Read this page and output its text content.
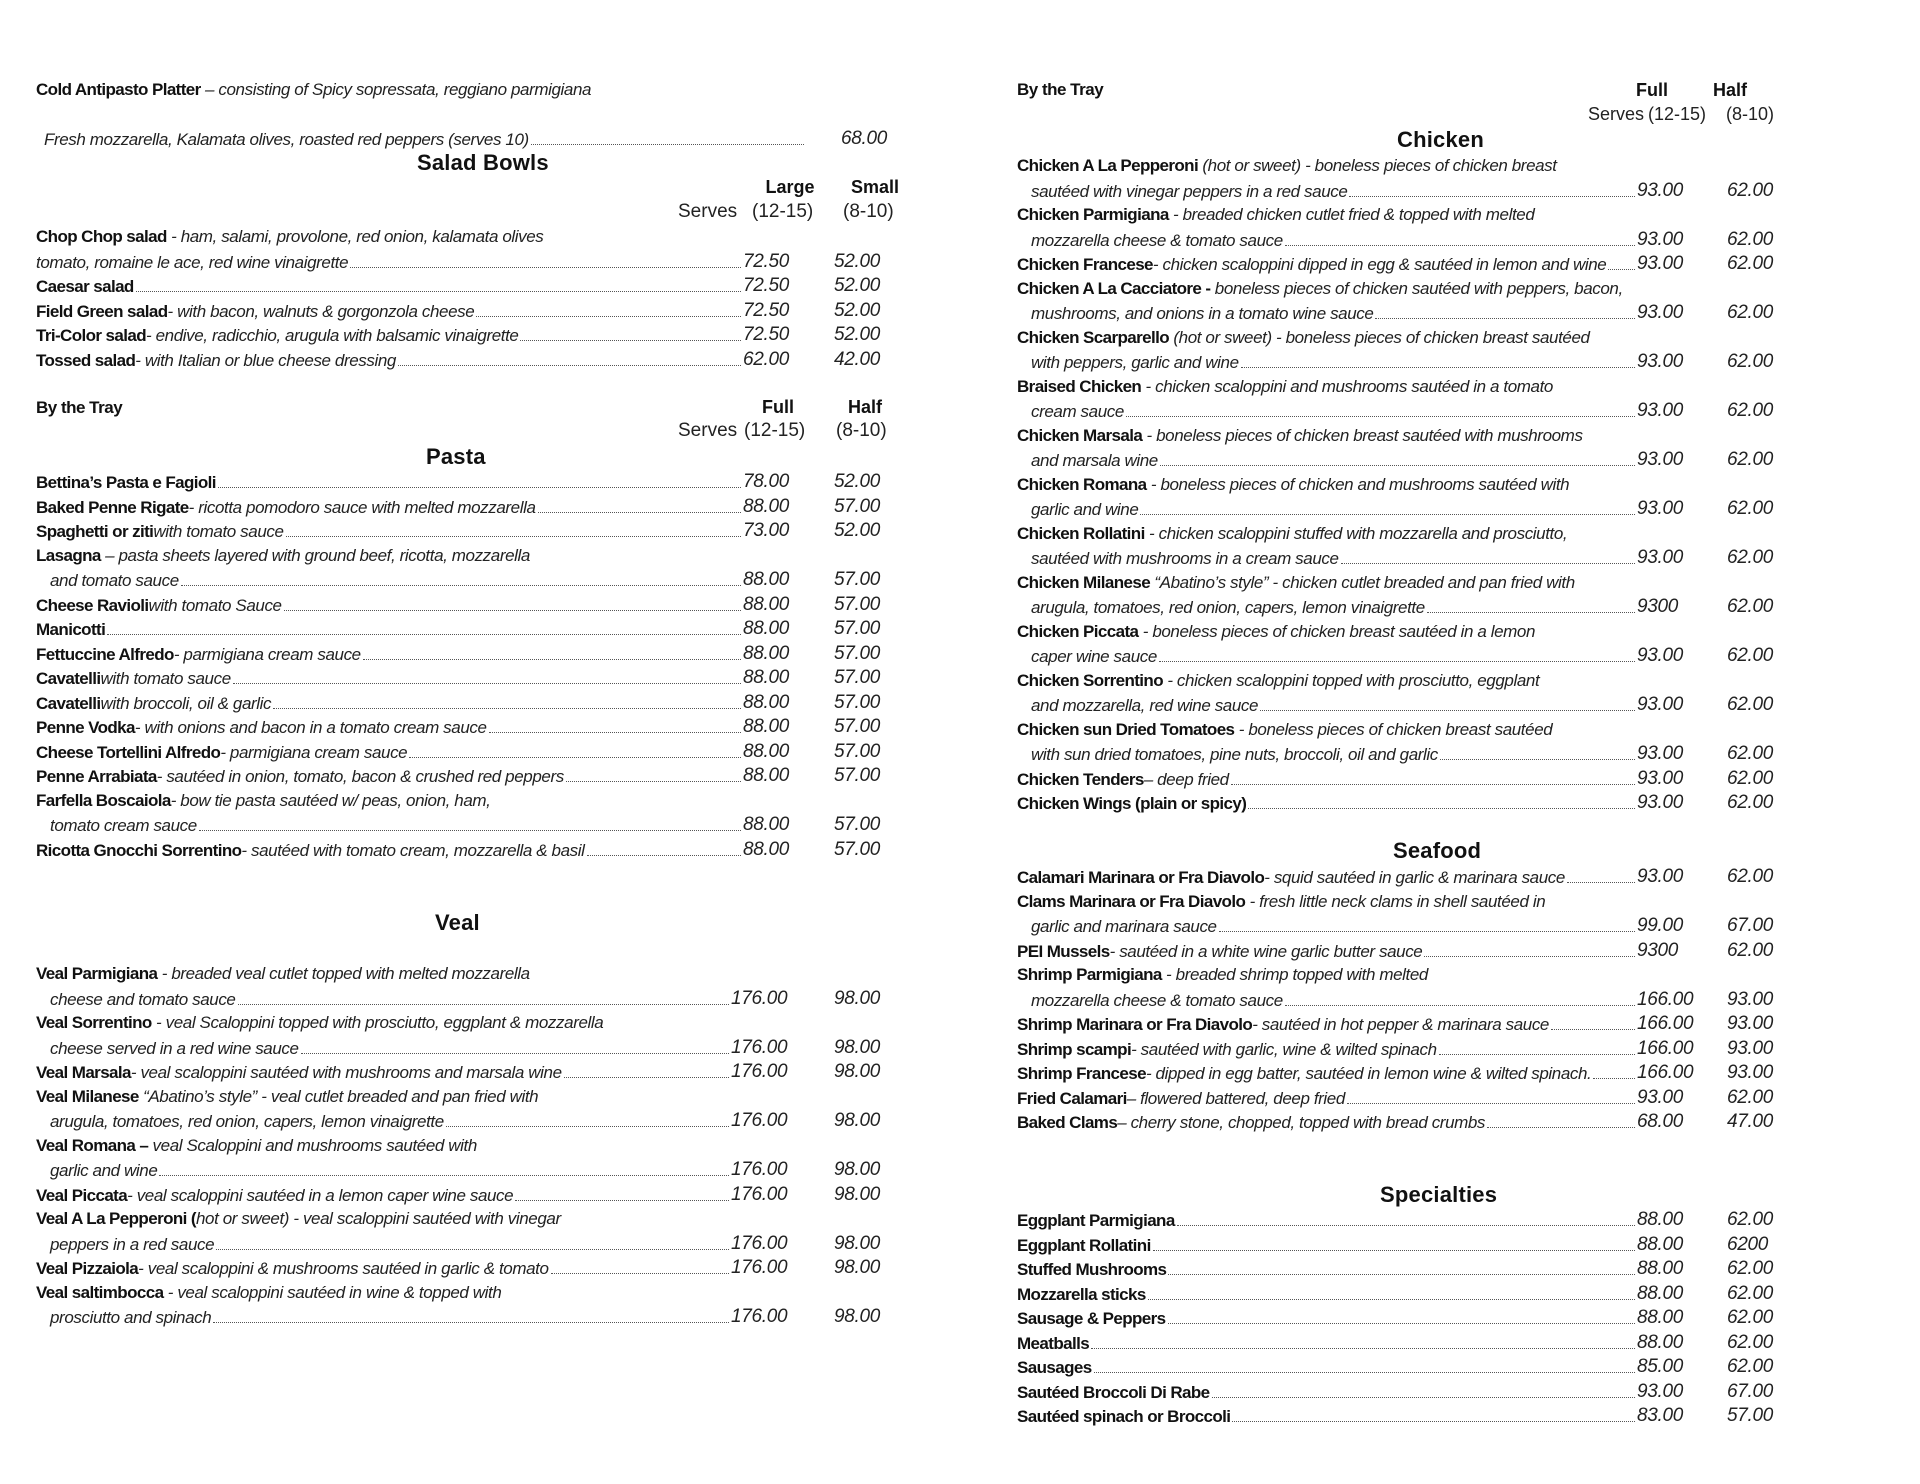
Cold Antipasto Platter – consisting of Spicy sopressata, reggiano parmigiana
Fresh mozzarella, Kalamata olives, roasted red peppers (serves 10)	68.00
Salad Bowls
Large	Small
Serves (12-15) (8-10)
Chop Chop salad - ham, salami, provolone, red onion, kalamata olives
tomato, romaine le ace, red wine vinaigrette	72.50	52.00
Caesar salad	72.50 52.00
Field Green salad - with bacon, walnuts & gorgonzola cheese	72.50 52.00
Tri-Color salad - endive, radicchio, arugula with balsamic vinaigrette	72.50 52.00
Tossed salad - with Italian or blue cheese dressing	62.00 42.00
By the Tray	Full	Half
Serves (12-15) (8-10)
Pasta
Bettina’s Pasta e Fagioli	78.00 52.00
Baked Penne Rigate - ricotta pomodoro sauce with melted mozzarella	88.00 57.00
Spaghetti or ziti with tomato sauce	73.00 52.00
Lasagna – pasta sheets layered with ground beef, ricotta, mozzarella
and tomato sauce	88.00 57.00
Cheese Ravioli with tomato Sauce	88.00 57.00
Manicotti	88.00 57.00
Fettuccine Alfredo - parmigiana cream sauce	88.00 57.00
Cavatelli with tomato sauce	88.00 57.00
Cavatelli with broccoli, oil & garlic	88.00 57.00
Penne Vodka - with onions and bacon in a tomato cream sauce	88.00 57.00
Cheese Tortellini Alfredo - parmigiana cream sauce	88.00 57.00
Penne Arrabiata - sautéed in onion, tomato, bacon & crushed red peppers	88.00 57.00
Farfella Boscaiola- bow tie pasta sautéed w/ peas, onion, ham,
tomato cream sauce	88.00 57.00
Ricotta Gnocchi Sorrentino - sautéed with tomato cream, mozzarella & basil	88.00 57.00
Veal
Veal Parmigiana - breaded veal cutlet topped with melted mozzarella
cheese and tomato sauce	176.00 98.00
Veal Sorrentino - veal Scaloppini topped with prosciutto, eggplant & mozzarella
cheese served in a red wine sauce	176.00 98.00
Veal Marsala - veal scaloppini sautéed with mushrooms and marsala wine	176.00 98.00
Veal Milanese “Abatino’s style” - veal cutlet breaded and pan fried with
arugula, tomatoes, red onion, capers, lemon vinaigrette	176.00 98.00
Veal Romana – veal Scaloppini and mushrooms sautéed with
garlic and wine	176.00 98.00
Veal Piccata - veal scaloppini sautéed in a lemon caper wine sauce	176.00 98.00
Veal A La Pepperoni (hot or sweet) - veal scaloppini sautéed with vinegar
peppers in a red sauce	176.00 98.00
Veal Pizzaiola - veal scaloppini & mushrooms sautéed in garlic & tomato	176.00 98.00
Veal saltimbocca - veal scaloppini sautéed in wine & topped with
prosciutto and spinach	176.00 98.00
By the Tray	Full	Half
Serves (12-15) (8-10)
Chicken
Chicken A La Pepperoni (hot or sweet) - boneless pieces of chicken breast
sautéed with vinegar peppers in a red sauce	93.00 62.00
Chicken Parmigiana - breaded chicken cutlet fried & topped with melted
mozzarella cheese & tomato sauce	93.00 62.00
Chicken Francese - chicken scaloppini dipped in egg & sautéed in lemon and wine 93.00 62.00
Chicken A La Cacciatore - boneless pieces of chicken sautéed with peppers, bacon,
mushrooms, and onions in a tomato wine sauce	93.00 62.00
Chicken Scarparello (hot or sweet) - boneless pieces of chicken breast sautéed
with peppers, garlic and wine	93.00 62.00
Braised Chicken - chicken scaloppini and mushrooms sautéed in a tomato
cream sauce	93.00 62.00
Chicken Marsala - boneless pieces of chicken breast sautéed with mushrooms
and marsala wine	93.00 62.00
Chicken Romana - boneless pieces of chicken and mushrooms sautéed with
garlic and wine	93.00 62.00
Chicken Rollatini - chicken scaloppini stuffed with mozzarella and prosciutto,
sautéed with mushrooms in a cream sauce	93.00 62.00
Chicken Milanese “Abatino’s style” - chicken cutlet breaded and pan fried with
arugula, tomatoes, red onion, capers, lemon vinaigrette	9300	62.00
Chicken Piccata - boneless pieces of chicken breast sautéed in a lemon
caper wine sauce	93.00 62.00
Chicken Sorrentino - chicken scaloppini topped with prosciutto, eggplant
and mozzarella, red wine sauce	93.00 62.00
Chicken sun Dried Tomatoes - boneless pieces of chicken breast sautéed
with sun dried tomatoes, pine nuts, broccoli, oil and garlic	93.00 62.00
Chicken Tenders – deep fried	93.00 62.00
Chicken Wings (plain or spicy)	93.00 62.00
Seafood
Calamari Marinara or Fra Diavolo - squid sautéed in garlic & marinara sauce	93.00 62.00
Clams Marinara or Fra Diavolo - fresh little neck clams in shell sautéed in
garlic and marinara sauce	99.00 67.00
PEI Mussels - sautéed in a white wine garlic butter sauce	9300	62.00
Shrimp Parmigiana - breaded shrimp topped with melted
mozzarella cheese & tomato sauce	166.00 93.00
Shrimp Marinara or Fra Diavolo - sautéed in hot pepper & marinara sauce	166.00 93.00
Shrimp scampi - sautéed with garlic, wine & wilted spinach	166.00 93.00
Shrimp Francese - dipped in egg batter, sautéed in lemon wine & wilted spinach. 166.00 93.00
Fried Calamari – flowered battered, deep fried	93.00 62.00
Baked Clams – cherry stone, chopped, topped with bread crumbs	68.00 47.00
Specialties
Eggplant Parmigiana	88.00 62.00
Eggplant Rollatini	88.00 6200
Stuffed Mushrooms	88.00 62.00
Mozzarella sticks	88.00 62.00
Sausage & Peppers	88.00 62.00
Meatballs	88.00 62.00
Sausages	85.00 62.00
Sautéed Broccoli Di Rabe	93.00 67.00
Sautéed spinach or Broccoli	83.00 57.00
